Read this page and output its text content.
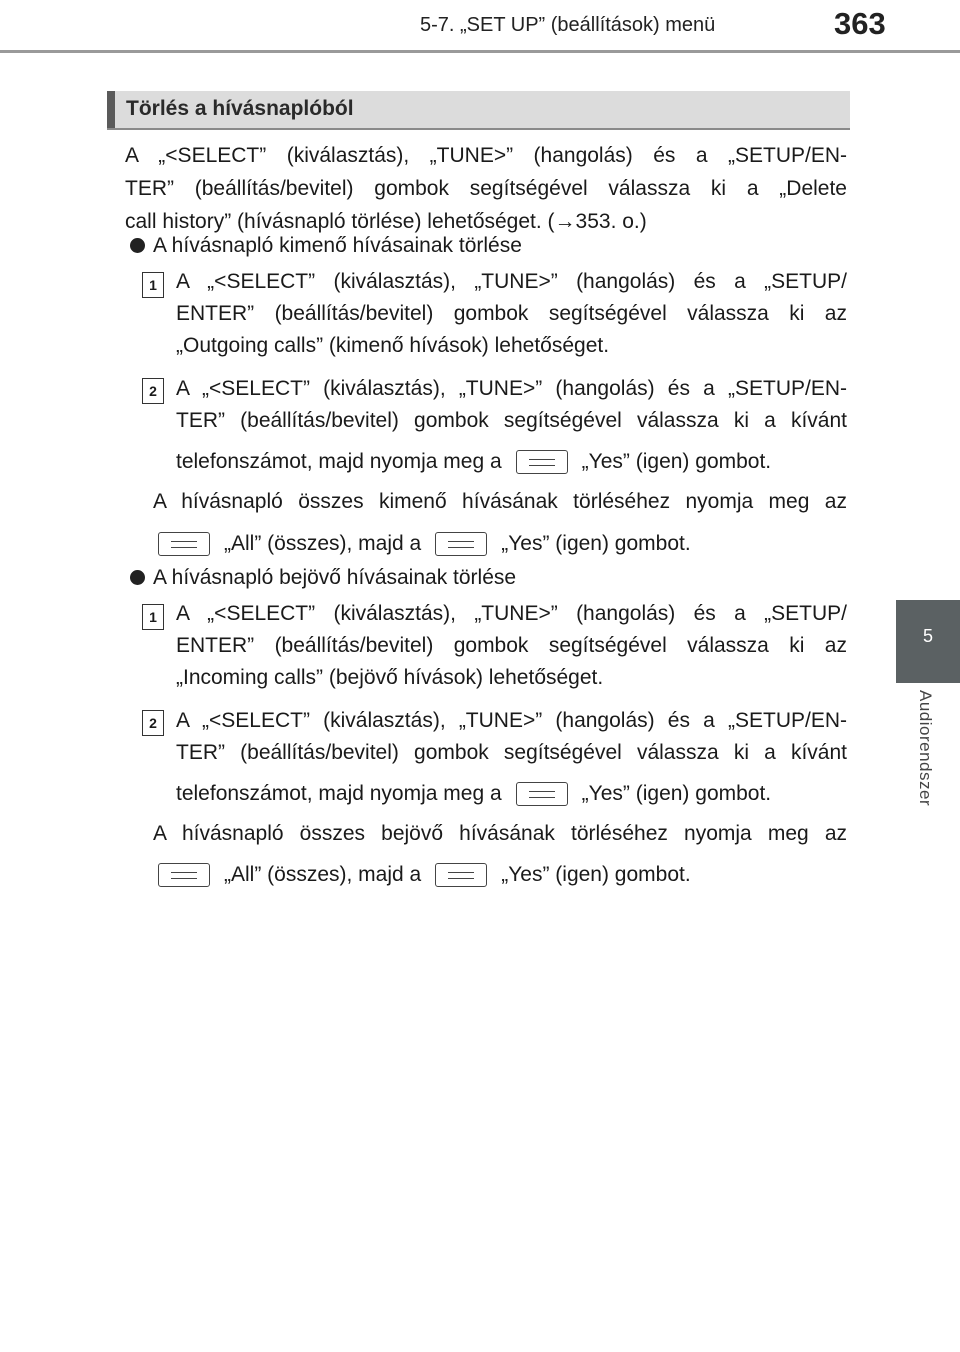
5-7. „SET UP” (beállítások) menü	363
5
Audiorendszer
Törlés a hívásnaplóból
A „<SELECT” (kiválasztás), „TUNE>” (hangolás) és a „SETUP/EN-
TER” (beállítás/bevitel) gombok segítségével válassza ki a „Delete
call history” (hívásnapló törlése) lehetőséget. (→353. o.)
A hívásnapló kimenő hívásainak törlése
1 A „<SELECT” (kiválasztás), „TUNE>” (hangolás) és a „SETUP/
ENTER” (beállítás/bevitel) gombok segítségével válassza ki az
„Outgoing calls” (kimenő hívások) lehetőséget.
2 A „<SELECT” (kiválasztás), „TUNE>” (hangolás) és a „SETUP/EN-
TER” (beállítás/bevitel) gombok segítségével válassza ki a kívánt
telefonszámot, majd nyomja meg a	„Yes” (igen) gombot.
A hívásnapló összes kimenő hívásának törléséhez nyomja meg az
„All” (összes), majd a	„Yes” (igen) gombot.
A hívásnapló bejövő hívásainak törlése
1 A „<SELECT” (kiválasztás), „TUNE>” (hangolás) és a „SETUP/
ENTER” (beállítás/bevitel) gombok segítségével válassza ki az
„Incoming calls” (bejövő hívások) lehetőséget.
2 A „<SELECT” (kiválasztás), „TUNE>” (hangolás) és a „SETUP/EN-
TER” (beállítás/bevitel) gombok segítségével válassza ki a kívánt
telefonszámot, majd nyomja meg a	„Yes” (igen) gombot.
A hívásnapló összes bejövő hívásának törléséhez nyomja meg az
„All” (összes), majd a	„Yes” (igen) gombot.
